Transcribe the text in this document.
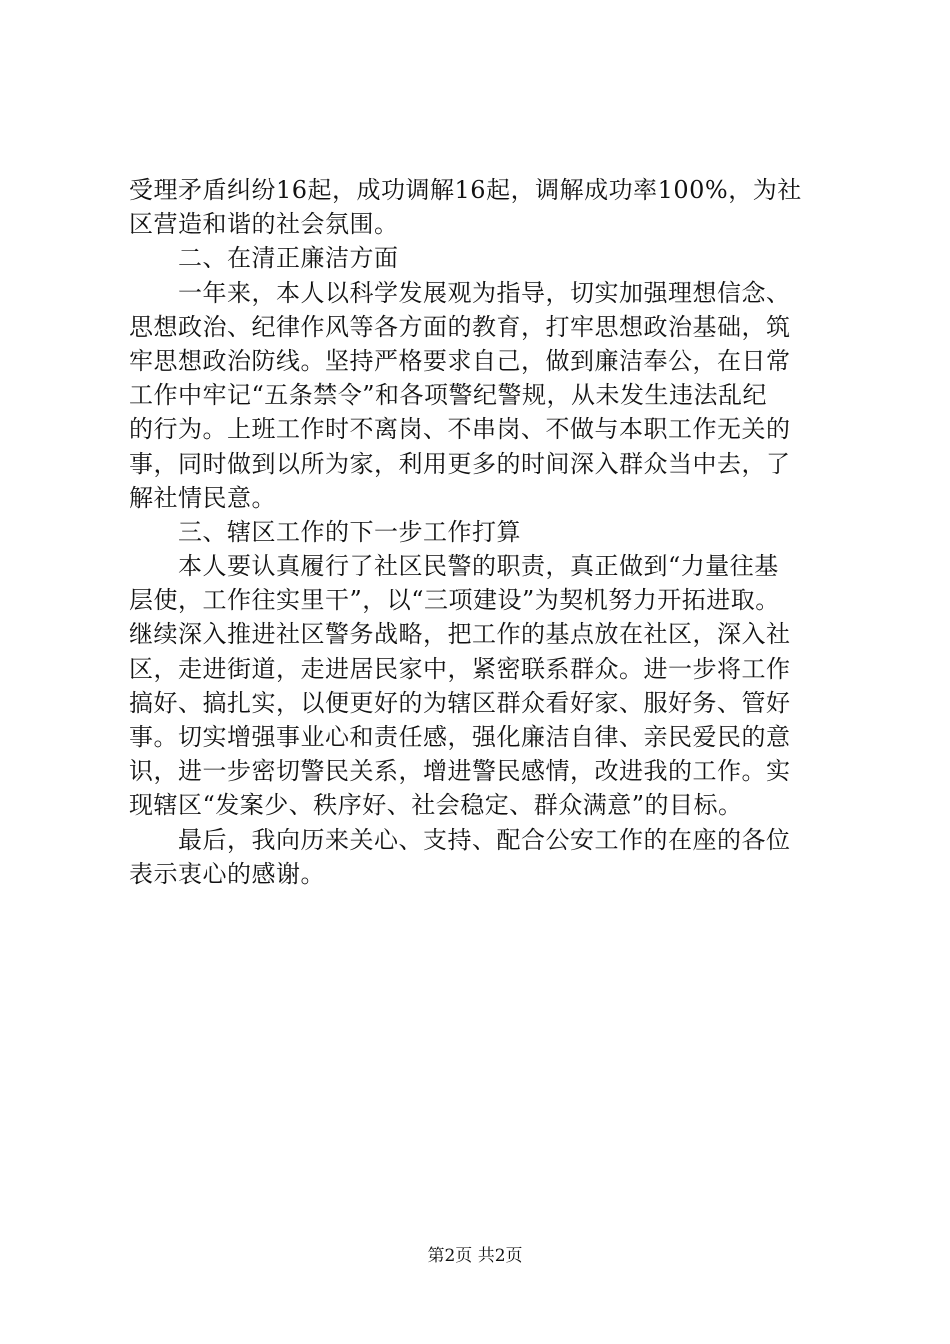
受理矛盾纠纷16起，成功调解16起，调解成功率100%，为社
区营造和谐的社会氛围。
二、在清正廉洁方面
一年来，本人以科学发展观为指导，切实加强理想信念、
思想政治、纪律作风等各方面的教育，打牢思想政治基础，筑
牢思想政治防线。坚持严格要求自己，做到廉洁奉公，在日常
工作中牢记“五条禁令”和各项警纪警规，从未发生违法乱纪
的行为。上班工作时不离岗、不串岗、不做与本职工作无关的
事，同时做到以所为家，利用更多的时间深入群众当中去，了
解社情民意。
三、辖区工作的下一步工作打算
本人要认真履行了社区民警的职责，真正做到“力量往基
层使，工作往实里干”，以“三项建设”为契机努力开拓进取。
继续深入推进社区警务战略，把工作的基点放在社区，深入社
区，走进街道，走进居民家中，紧密联系群众。进一步将工作
搞好、搞扎实，以便更好的为辖区群众看好家、服好务、管好
事。切实增强事业心和责任感，强化廉洁自律、亲民爱民的意
识，进一步密切警民关系，增进警民感情，改进我的工作。实
现辖区“发案少、秩序好、社会稳定、群众满意”的目标。
最后，我向历来关心、支持、配合公安工作的在座的各位
表示衷心的感谢。
第2页 共2页
